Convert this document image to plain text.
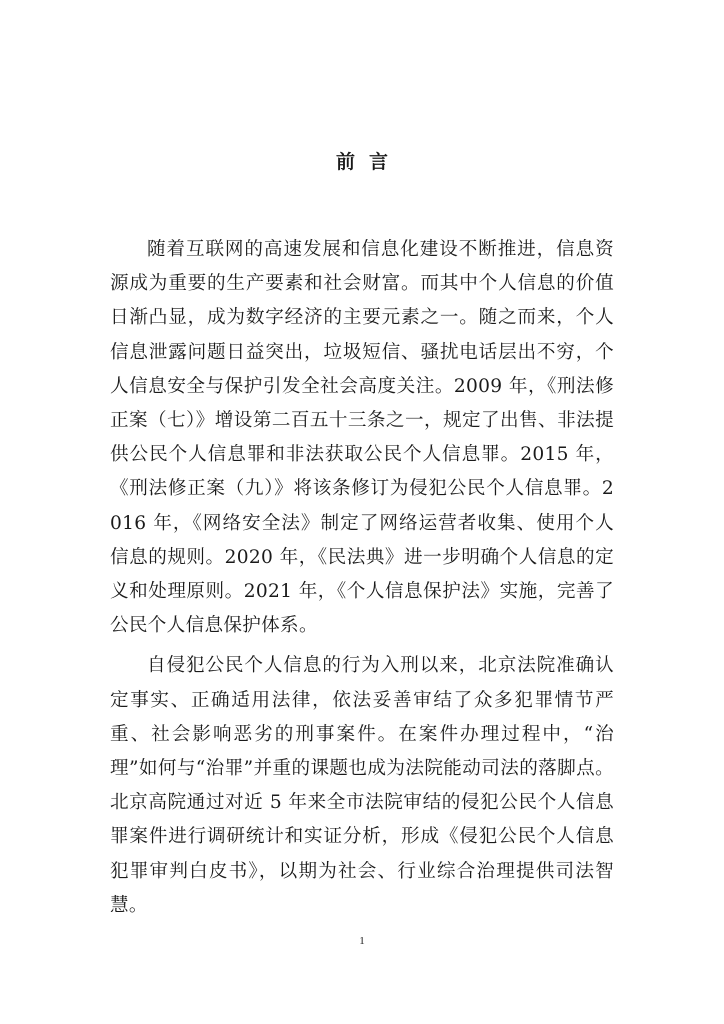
前言

随着互联网的高速发展和信息化建设不断推进，信息资源成为重要的生产要素和社会财富。而其中个人信息的价值日渐凸显，成为数字经济的主要元素之一。随之而来，个人信息泄露问题日益突出，垃圾短信、骚扰电话层出不穷，个人信息安全与保护引发全社会高度关注。2009 年，《刑法修正案（七）》增设第二百五十三条之一，规定了出售、非法提供公民个人信息罪和非法获取公民个人信息罪。2015 年，《刑法修正案（九）》将该条修订为侵犯公民个人信息罪。2016 年，《网络安全法》制定了网络运营者收集、使用个人信息的规则。2020 年，《民法典》进一步明确个人信息的定义和处理原则。2021 年，《个人信息保护法》实施，完善了公民个人信息保护体系。

自侵犯公民个人信息的行为入刑以来，北京法院准确认定事实、正确适用法律，依法妥善审结了众多犯罪情节严重、社会影响恶劣的刑事案件。在案件办理过程中，“治理”如何与“治罪”并重的课题也成为法院能动司法的落脚点。北京高院通过对近 5 年来全市法院审结的侵犯公民个人信息罪案件进行调研统计和实证分析，形成《侵犯公民个人信息犯罪审判白皮书》，以期为社会、行业综合治理提供司法智慧。

1
